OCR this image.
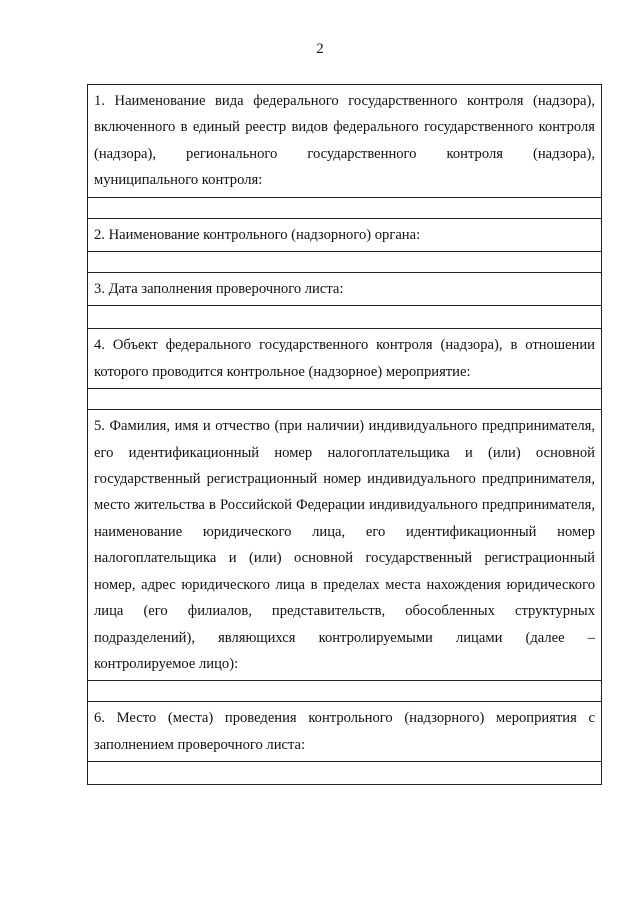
2
1. Наименование вида федерального государственного контроля (надзора), включенного в единый реестр видов федерального государственного контроля (надзора), регионального государственного контроля (надзора), муниципального контроля:

2. Наименование контрольного (надзорного) органа:

3. Дата заполнения проверочного листа:

4. Объект федерального государственного контроля (надзора), в отношении которого проводится контрольное (надзорное) мероприятие:

5. Фамилия, имя и отчество (при наличии) индивидуального предпринимателя, его идентификационный номер налогоплательщика и (или) основной государственный регистрационный номер индивидуального предпринимателя, место жительства в Российской Федерации индивидуального предпринимателя, наименование юридического лица, его идентификационный номер налогоплательщика и (или) основной государственный регистрационный номер, адрес юридического лица в пределах места нахождения юридического лица (его филиалов, представительств, обособленных структурных подразделений), являющихся контролируемыми лицами (далее – контролируемое лицо):

6. Место (места) проведения контрольного (надзорного) мероприятия с заполнением проверочного листа:
